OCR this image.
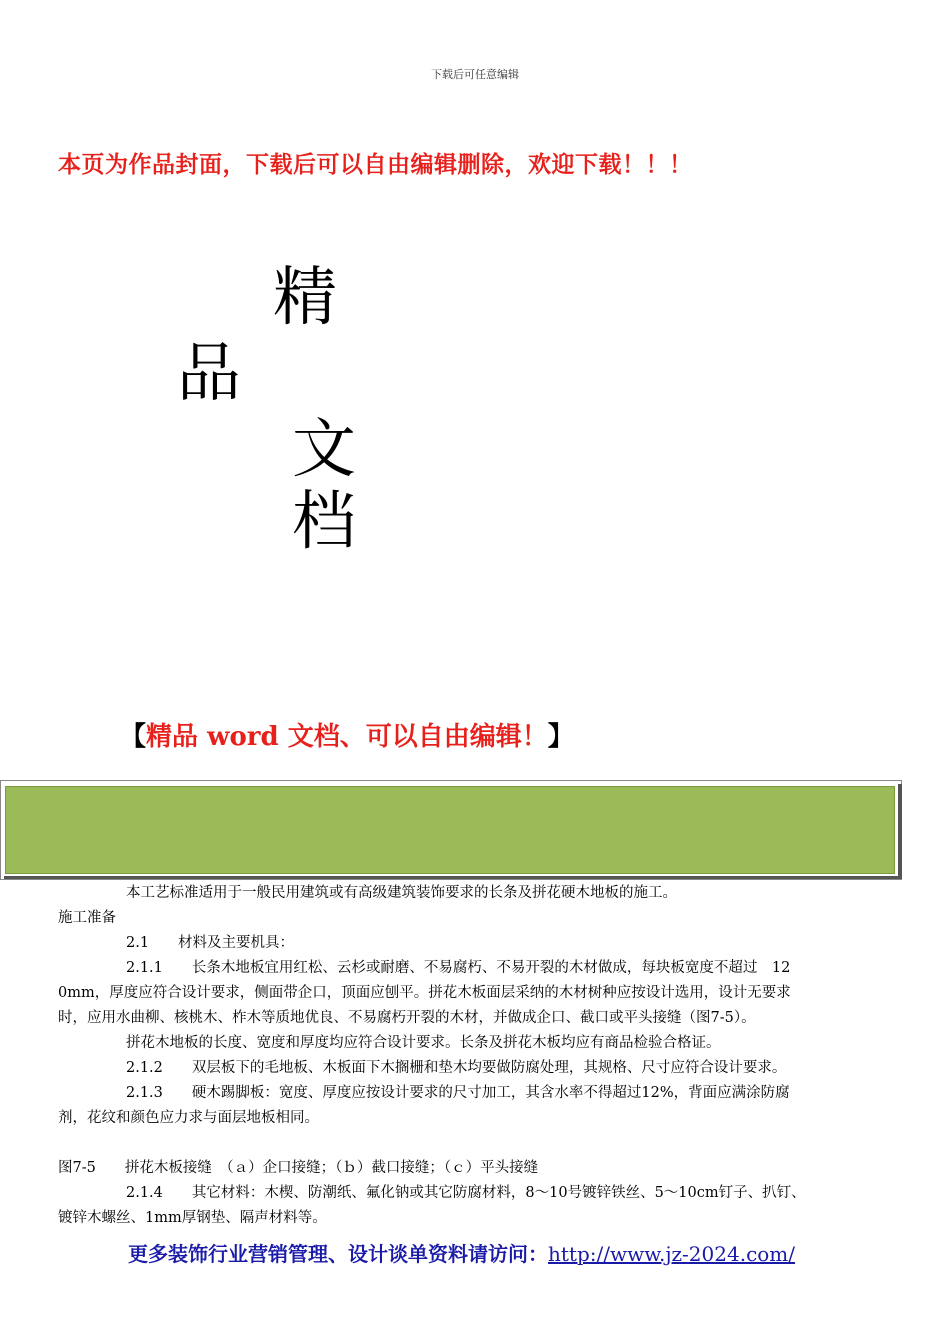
下载后可任意编辑
本页为作品封面，下载后可以自由编辑删除，欢迎下载！！！
精
品
文
档
【精品 word 文档、可以自由编辑！】
本工艺标准适用于一般民用建筑或有高级建筑装饰要求的长条及拼花硬木地板的施工。
施工准备
2.1　　材料及主要机具：
2.1.1　　长条木地板宜用红松、云杉或耐磨、不易腐朽、不易开裂的木材做成，每块板宽度不超过　12
0mm，厚度应符合设计要求，侧面带企口，顶面应刨平。拼花木板面层采纳的木材树种应按设计选用，设计无要求
时，应用水曲柳、核桃木、柞木等质地优良、不易腐朽开裂的木材，并做成企口、截口或平头接缝（图7-5）。
拼花木地板的长度、宽度和厚度均应符合设计要求。长条及拼花木板均应有商品检验合格证。
2.1.2　　双层板下的毛地板、木板面下木搁栅和垫木均要做防腐处理，其规格、尺寸应符合设计要求。
2.1.3　　硬木踢脚板：宽度、厚度应按设计要求的尺寸加工，其含水率不得超过12%，背面应满涂防腐
剂，花纹和颜色应力求与面层地板相同。
图7-5　　拼花木板接缝　（ａ）企口接缝；（ｂ）截口接缝；（ｃ）平头接缝
2.1.4　　其它材料：木楔、防潮纸、氟化钠或其它防腐材料，8～10号镀锌铁丝、5～10cm钉子、扒钉、
镀锌木螺丝、1mm厚钢垫、隔声材料等。
更多装饰行业营销管理、设计谈单资料请访问：http://www.jz-2024.com/
